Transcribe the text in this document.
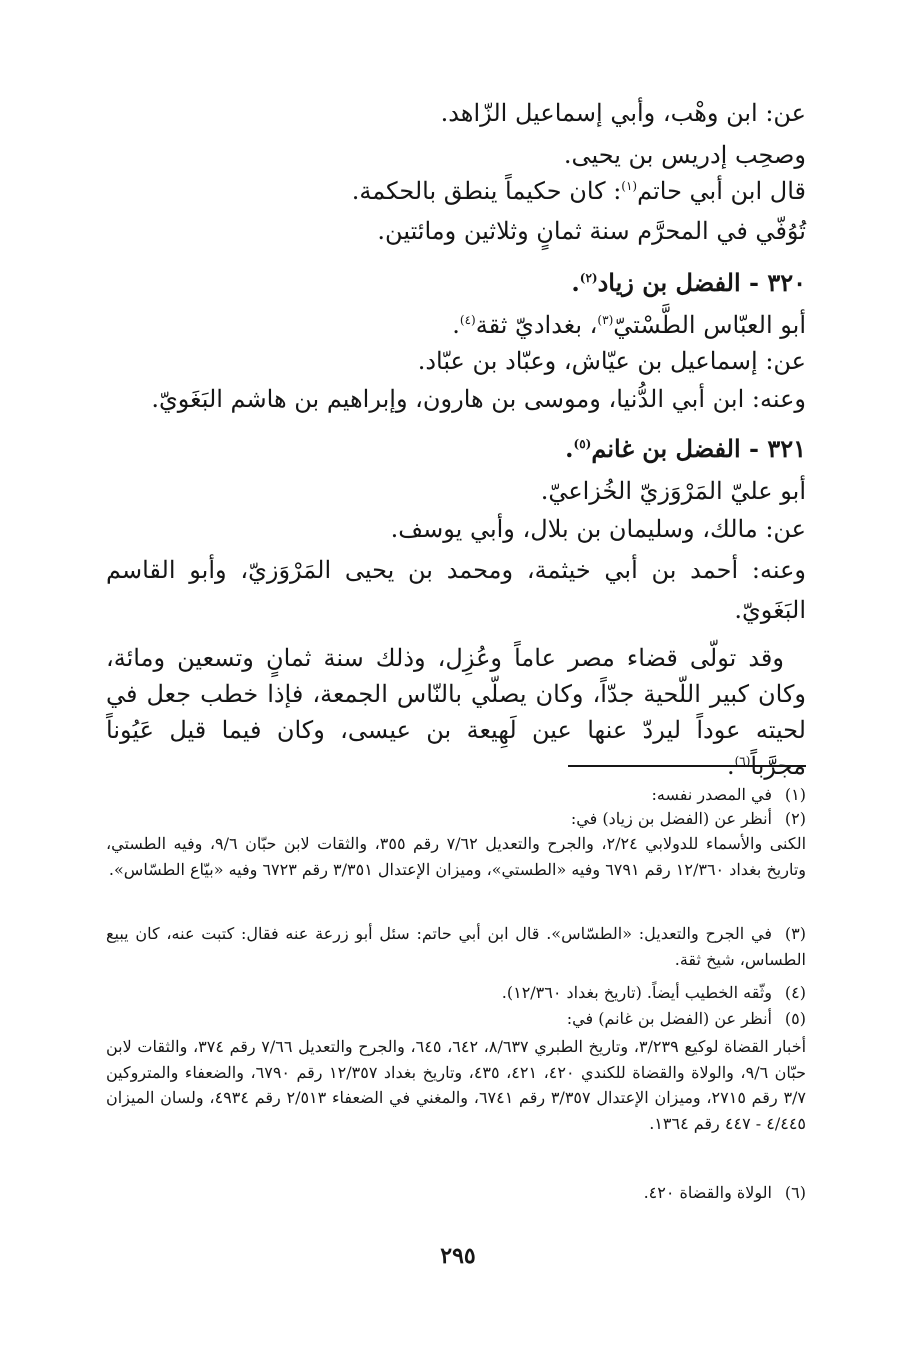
عن: ابن وهْب، وأبي إسماعيل الزّاهد.
وصحِب إدريس بن يحيى.
قال ابن أبي حاتم$^{(١)}$: كان حكيماً ينطق بالحكمة.
تُوُفّي في المحرَّم سنة ثمانٍ وثلاثين ومائتين.
٣٢٠ - الفضل بن زياد$^{(٢)}$.
أبو العبّاس الطَّسْتيّ$^{(٣)}$، بغداديّ ثقة$^{(٤)}$.
عن: إسماعيل بن عيّاش، وعبّاد بن عبّاد.
وعنه: ابن أبي الدُّنيا، وموسى بن هارون، وإبراهيم بن هاشم البَغَويّ.
٣٢١ - الفضل بن غانم$^{(٥)}$.
أبو عليّ المَرْوَزيّ الخُزاعيّ.
عن: مالك، وسليمان بن بلال، وأبي يوسف.
وعنه: أحمد بن أبي خيثمة، ومحمد بن يحيى المَرْوَزيّ، وأبو القاسم البَغَويّ.
وقد تولّى قضاء مصر عاماً وعُزِل، وذلك سنة ثمانٍ وتسعين ومائة، وكان كبير اللّحية جدّاً، وكان يصلّي بالنّاس الجمعة، فإذا خطب جعل في لحيته عوداً ليردّ عنها عين لَهِيعة بن عيسى، وكان فيما قيل عَيُوناً مجرَّباً$^{(٦)}$.
(١)في المصدر نفسه:
(٢)أنظر عن (الفضل بن زياد) في:
الكنى والأسماء للدولابي ٢/٢٤، والجرح والتعديل ٧/٦٢ رقم ٣٥٥، والثقات لابن حبّان ٩/٦، وفيه الطستي، وتاريخ بغداد ١٢/٣٦٠ رقم ٦٧٩١ وفيه «الطستي»، وميزان الإعتدال ٣/٣٥١ رقم ٦٧٢٣ وفيه «بيّاع الطسّاس».
(٣)في الجرح والتعديل: «الطسّاس». قال ابن أبي حاتم: سئل أبو زرعة عنه فقال: كتبت عنه، كان يبيع الطساس، شيخ ثقة.
(٤)وثّقه الخطيب أيضاً. (تاريخ بغداد ١٢/٣٦٠).
(٥)أنظر عن (الفضل بن غانم) في:
أخبار القضاة لوكيع ٣/٢٣٩، وتاريخ الطبري ٨/٦٣٧، ٦٤٢، ٦٤٥، والجرح والتعديل ٧/٦٦ رقم ٣٧٤، والثقات لابن حبّان ٩/٦، والولاة والقضاة للكندي ٤٢٠، ٤٢١، ٤٣٥، وتاريخ بغداد ١٢/٣٥٧ رقم ٦٧٩٠، والضعفاء والمتروكين ٣/٧ رقم ٢٧١٥، وميزان الإعتدال ٣/٣٥٧ رقم ٦٧٤١، والمغني في الضعفاء ٢/٥١٣ رقم ٤٩٣٤، ولسان الميزان ٤/٤٤٥ - ٤٤٧ رقم ١٣٦٤.
(٦)الولاة والقضاة ٤٢٠.
٢٩٥
